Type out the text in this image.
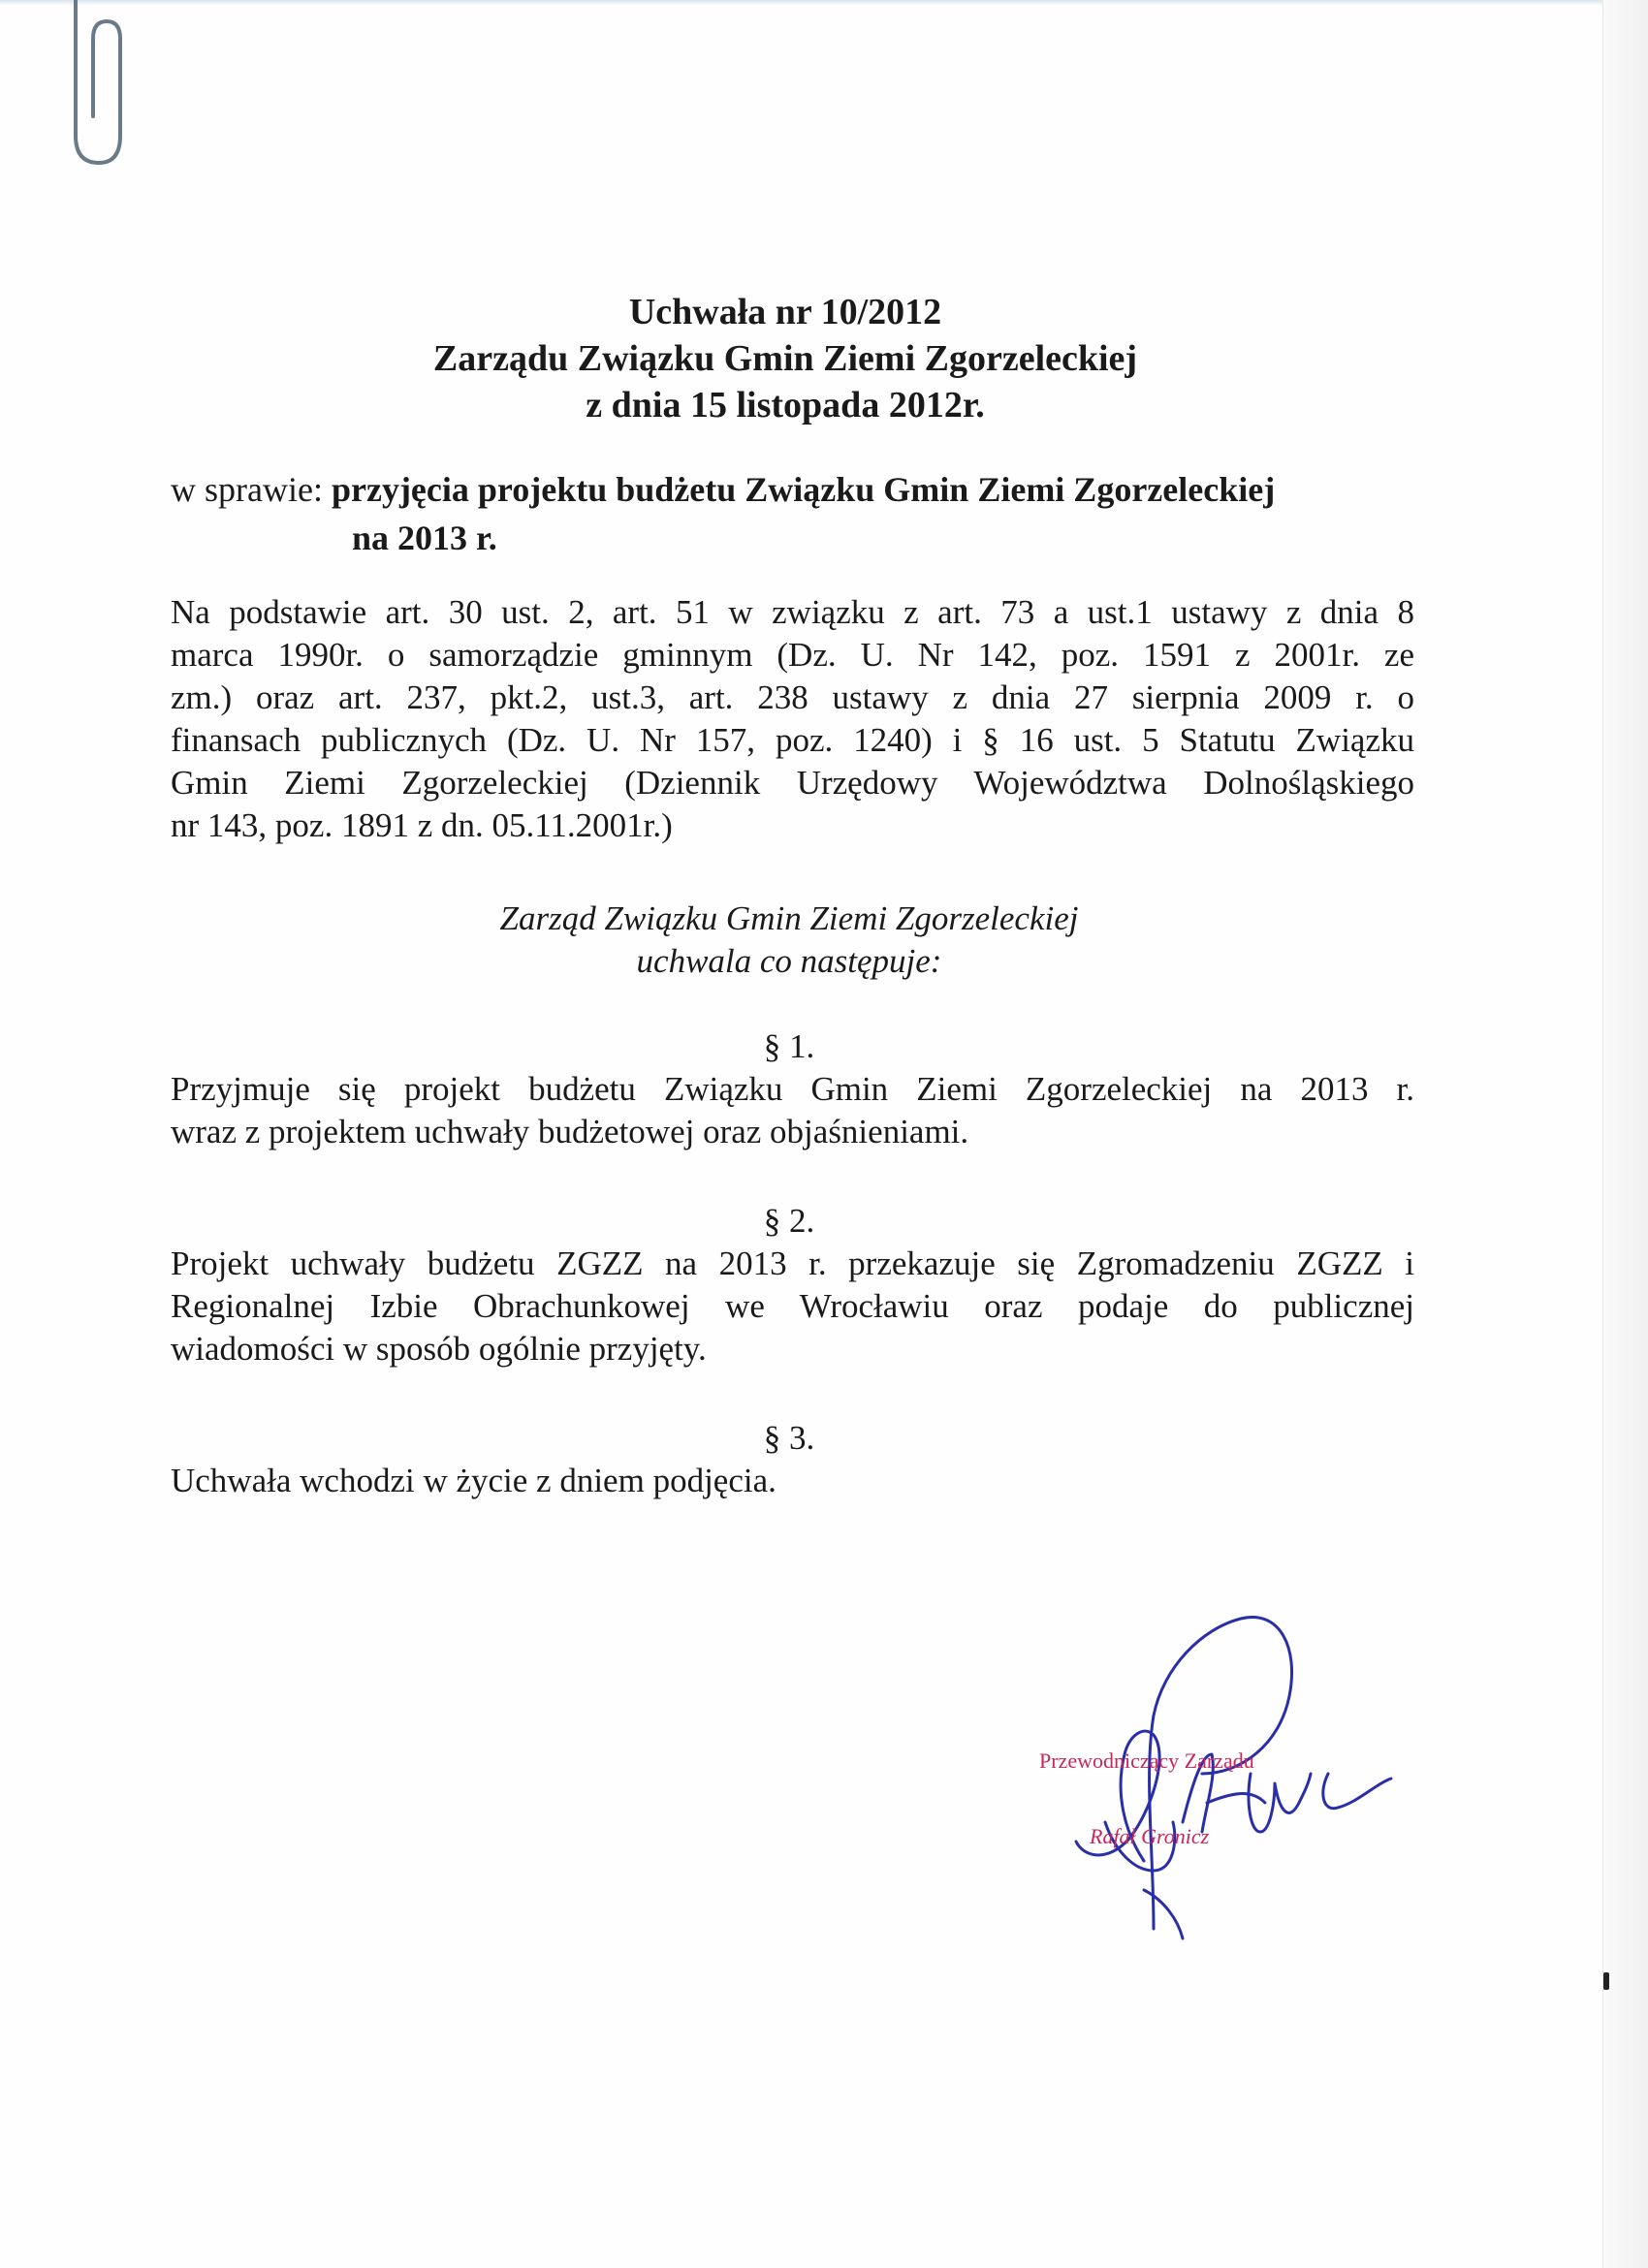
Uchwała nr 10/2012
Zarządu Związku Gmin Ziemi Zgorzeleckiej
z dnia 15 listopada 2012r.
w sprawie: przyjęcia projektu budżetu Związku Gmin Ziemi Zgorzeleckiej
na 2013 r.
Na podstawie art. 30 ust. 2, art. 51 w związku z art. 73 a ust.1 ustawy z dnia 8
marca 1990r. o samorządzie gminnym (Dz. U. Nr 142, poz. 1591 z 2001r. ze
zm.) oraz art. 237, pkt.2, ust.3, art. 238 ustawy z dnia 27 sierpnia 2009 r. o
finansach publicznych (Dz. U. Nr 157, poz. 1240) i § 16 ust. 5 Statutu Związku
Gmin Ziemi Zgorzeleckiej (Dziennik Urzędowy Województwa Dolnośląskiego
nr 143, poz. 1891 z dn. 05.11.2001r.)
Zarząd Związku Gmin Ziemi Zgorzeleckiej
uchwala co następuje:
§ 1.
Przyjmuje się projekt budżetu Związku Gmin Ziemi Zgorzeleckiej na 2013 r.
wraz z projektem uchwały budżetowej oraz objaśnieniami.
§ 2.
Projekt uchwały budżetu ZGZZ na 2013 r. przekazuje się Zgromadzeniu ZGZZ i
Regionalnej Izbie Obrachunkowej we Wrocławiu oraz podaje do publicznej
wiadomości w sposób ogólnie przyjęty.
§ 3.
Uchwała wchodzi w życie z dniem podjęcia.
Przewodniczący Zarządu
Rafał Gronicz
